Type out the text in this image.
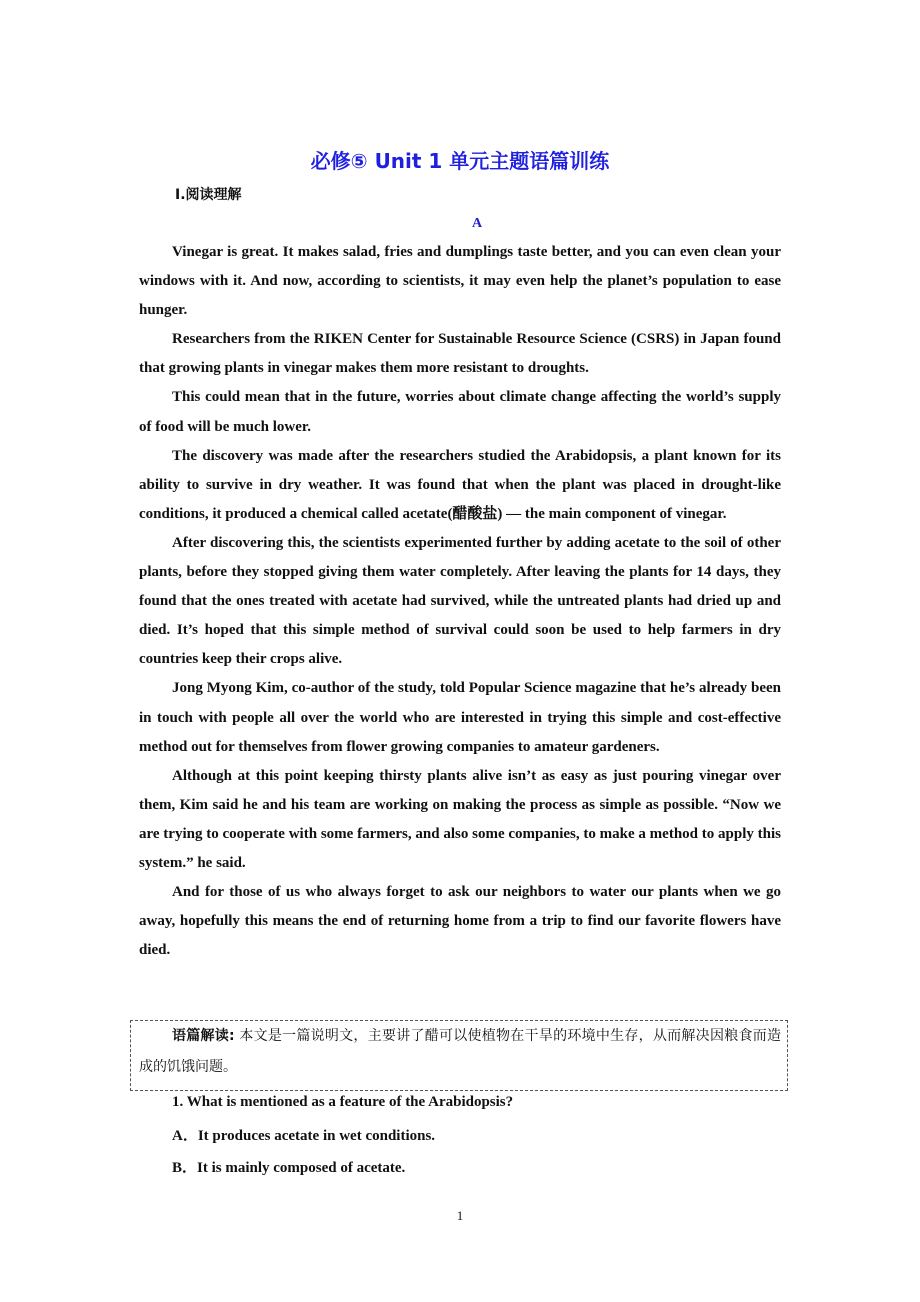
必修⑤ Unit 1 单元主题语篇训练
Ⅰ.阅读理解
A

Vinegar is great. It makes salad, fries and dumplings taste better, and you can even clean your windows with it. And now, according to scientists, it may even help the planet’s population to ease hunger.

Researchers from the RIKEN Center for Sustainable Resource Science (CSRS) in Japan found that growing plants in vinegar makes them more resistant to droughts.

This could mean that in the future, worries about climate change affecting the world’s supply of food will be much lower.

The discovery was made after the researchers studied the Arabidopsis, a plant known for its ability to survive in dry weather. It was found that when the plant was placed in drought-like conditions, it produced a chemical called acetate(醋酸盐) — the main component of vinegar.

After discovering this, the scientists experimented further by adding acetate to the soil of other plants, before they stopped giving them water completely. After leaving the plants for 14 days, they found that the ones treated with acetate had survived, while the untreated plants had dried up and died. It’s hoped that this simple method of survival could soon be used to help farmers in dry countries keep their crops alive.

Jong Myong Kim, co-author of the study, told Popular Science magazine that he’s already been in touch with people all over the world who are interested in trying this simple and cost-effective method out for themselves from flower growing companies to amateur gardeners.

Although at this point keeping thirsty plants alive isn’t as easy as just pouring vinegar over them, Kim said he and his team are working on making the process as simple as possible. “Now we are trying to cooperate with some farmers, and also some companies, to make a method to apply this system.” he said.

And for those of us who always forget to ask our neighbors to water our plants when we go away, hopefully this means the end of returning home from a trip to find our favorite flowers have died.

语篇解读: 本文是一篇说明文，主要讲了醋可以使植物在干旱的环境中生存，从而解决因粮食而造成的饥饿问题。
1. What is mentioned as a feature of the Arabidopsis?
A．It produces acetate in wet conditions.
B．It is mainly composed of acetate.
1
